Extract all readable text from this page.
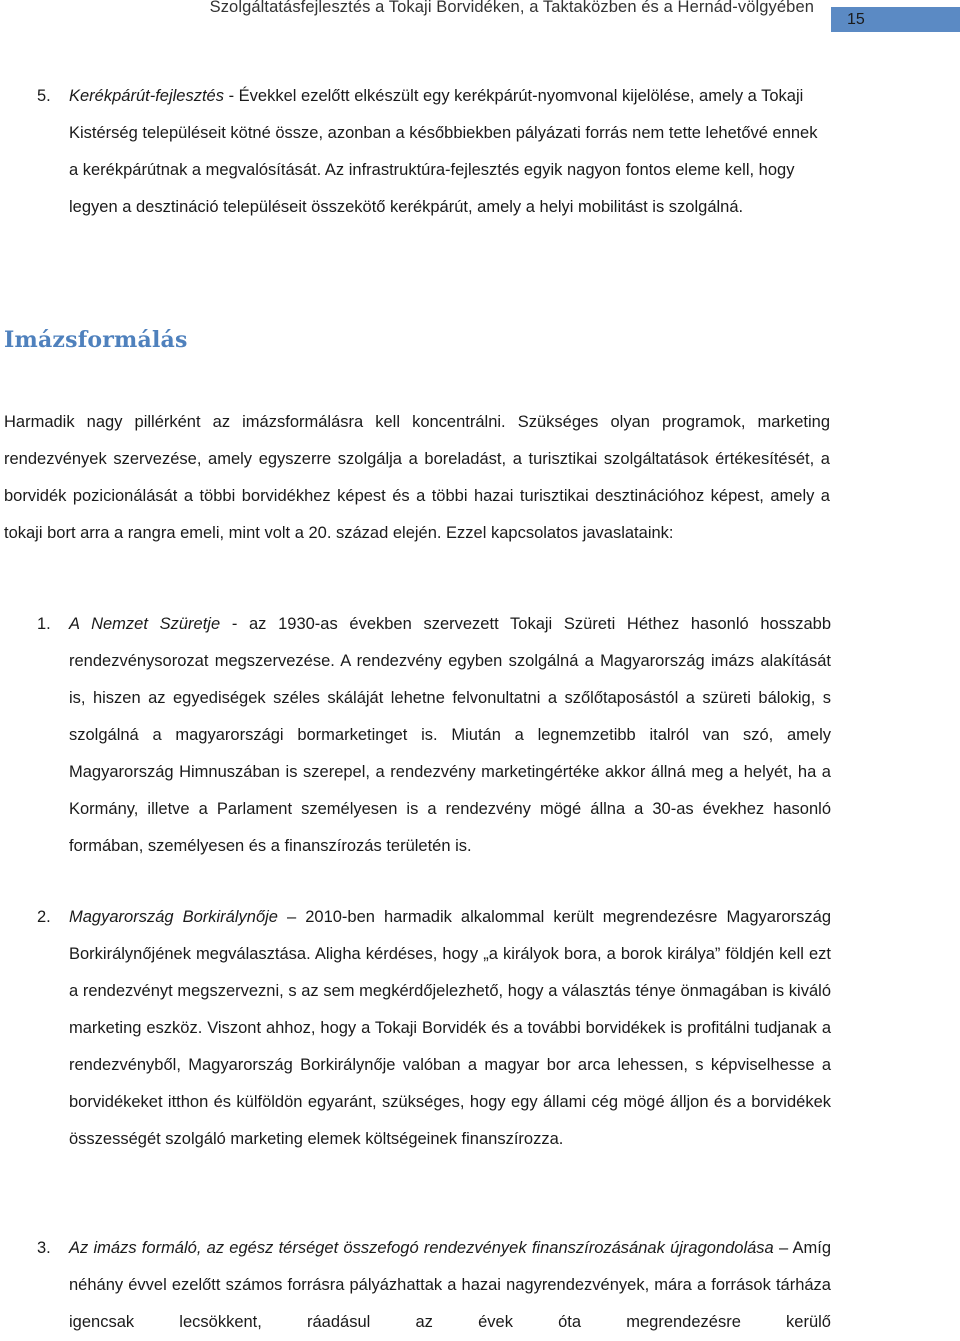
Szolgáltatásfejlesztés a Tokaji Borvidéken, a Taktaközben és a Hernád-völgyében
15
5. Kerékpárút-fejlesztés - Évekkel ezelőtt elkészült egy kerékpárút-nyomvonal kijelölése, amely a Tokaji Kistérség településeit kötné össze, azonban a későbbiekben pályázati forrás nem tette lehetővé ennek a kerékpárútnak a megvalósítását. Az infrastruktúra-fejlesztés egyik nagyon fontos eleme kell, hogy legyen a desztináció településeit összekötő kerékpárút, amely a helyi mobilitást is szolgálná.
Imázsformálás
Harmadik nagy pillérként az imázsformálásra kell koncentrálni. Szükséges olyan programok, marketing rendezvények szervezése, amely egyszerre szolgálja a boreladást, a turisztikai szolgáltatások értékesítését, a borvidék pozicionálását a többi borvidékhez képest és a többi hazai turisztikai desztinációhoz képest, amely a tokaji bort arra a rangra emeli, mint volt a 20. század elején. Ezzel kapcsolatos javaslataink:
1. A Nemzet Szüretje - az 1930-as években szervezett Tokaji Szüreti Héthez hasonló hosszabb rendezvénysorozat megszervezése. A rendezvény egyben szolgálná a Magyarország imázs alakítását is, hiszen az egyediségek széles skáláját lehetne felvonultatni a szőlőtaposástól a szüreti bálokig, s szolgálná a magyarországi bormarketinget is. Miután a legnemzetibb italról van szó, amely Magyarország Himnuszában is szerepel, a rendezvény marketingértéke akkor állná meg a helyét, ha a Kormány, illetve a Parlament személyesen is a rendezvény mögé állna a 30-as évekhez hasonló formában, személyesen és a finanszírozás területén is.
2. Magyarország Borkirálynője – 2010-ben harmadik alkalommal került megrendezésre Magyarország Borkirálynőjének megválasztása. Aligha kérdéses, hogy „a királyok bora, a borok királya” földjén kell ezt a rendezvényt megszervezni, s az sem megkérdőjelezhető, hogy a választás ténye önmagában is kiváló marketing eszköz. Viszont ahhoz, hogy a Tokaji Borvidék és a további borvidékek is profitálni tudjanak a rendezvényből, Magyarország Borkirálynője valóban a magyar bor arca lehessen, s képviselhesse a borvidékeket itthon és külföldön egyaránt, szükséges, hogy egy állami cég mögé álljon és a borvidékek összességét szolgáló marketing elemek költségeinek finanszírozza.
3. Az imázs formáló, az egész térséget összefogó rendezvények finanszírozásának újragondolása – Amíg néhány évvel ezelőtt számos forrásra pályázhattak a hazai nagyrendezvények, mára a források tárháza igencsak lecsökkent, ráadásul az évek óta megrendezésre kerülő
